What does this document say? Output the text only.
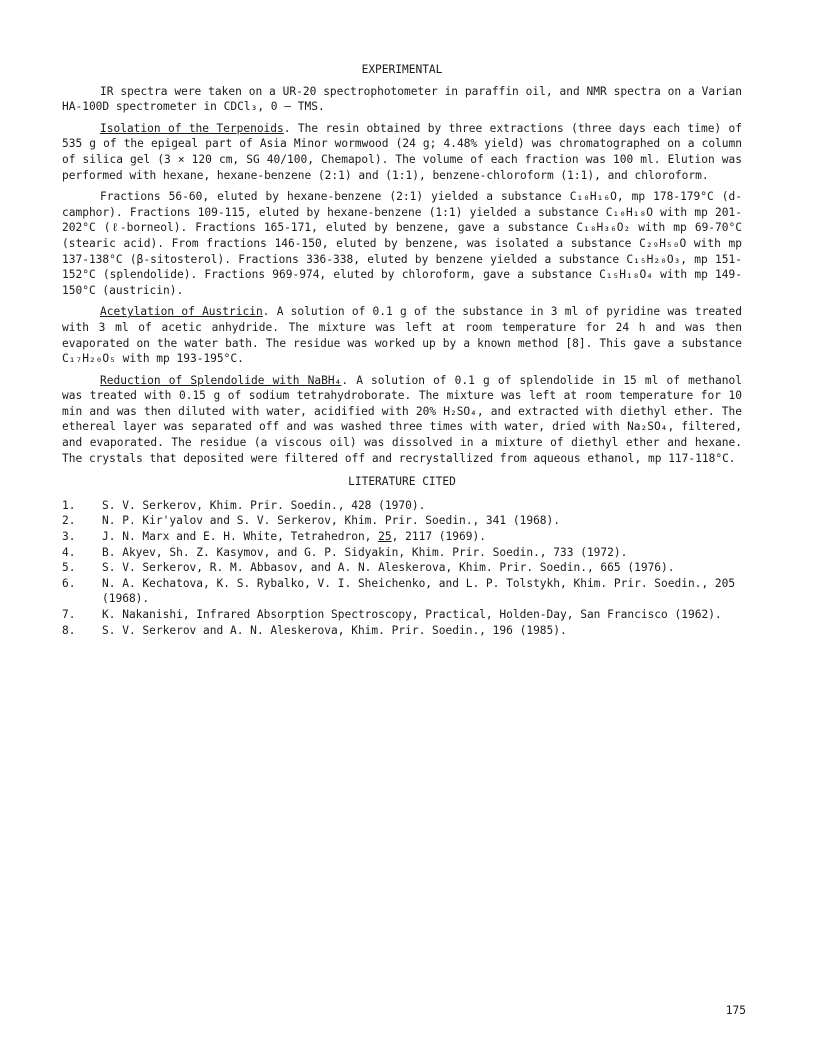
EXPERIMENTAL

IR spectra were taken on a UR-20 spectrophotometer in paraffin oil, and NMR spectra on a Varian HA-100D spectrometer in CDCl₃, 0 – TMS.

Isolation of the Terpenoids. The resin obtained by three extractions (three days each time) of 535 g of the epigeal part of Asia Minor wormwood (24 g; 4.48% yield) was chromatographed on a column of silica gel (3 × 120 cm, SG 40/100, Chemapol). The volume of each fraction was 100 ml. Elution was performed with hexane, hexane-benzene (2:1) and (1:1), benzene-chloroform (1:1), and chloroform.

Fractions 56-60, eluted by hexane-benzene (2:1) yielded a substance C₁₀H₁₆O, mp 178-179°C (d-camphor). Fractions 109-115, eluted by hexane-benzene (1:1) yielded a substance C₁₀H₁₈O with mp 201-202°C (ℓ-borneol). Fractions 165-171, eluted by benzene, gave a substance C₁₈H₃₆O₂ with mp 69-70°C (stearic acid). From fractions 146-150, eluted by benzene, was isolated a substance C₂₉H₅₀O with mp 137-138°C (β-sitosterol). Fractions 336-338, eluted by benzene yielded a substance C₁₅H₂₀O₃, mp 151-152°C (splendolide). Fractions 969-974, eluted by chloroform, gave a substance C₁₅H₁₈O₄ with mp 149-150°C (austricin).

Acetylation of Austricin. A solution of 0.1 g of the substance in 3 ml of pyridine was treated with 3 ml of acetic anhydride. The mixture was left at room temperature for 24 h and was then evaporated on the water bath. The residue was worked up by a known method [8]. This gave a substance C₁₇H₂₀O₅ with mp 193-195°C.

Reduction of Splendolide with NaBH₄. A solution of 0.1 g of splendolide in 15 ml of methanol was treated with 0.15 g of sodium tetrahydroborate. The mixture was left at room temperature for 10 min and was then diluted with water, acidified with 20% H₂SO₄, and extracted with diethyl ether. The ethereal layer was separated off and was washed three times with water, dried with Na₂SO₄, filtered, and evaporated. The residue (a viscous oil) was dissolved in a mixture of diethyl ether and hexane. The crystals that deposited were filtered off and recrystallized from aqueous ethanol, mp 117-118°C.

LITERATURE CITED
1.	S. V. Serkerov, Khim. Prir. Soedin., 428 (1970).
2.	N. P. Kir'yalov and S. V. Serkerov, Khim. Prir. Soedin., 341 (1968).
3.	J. N. Marx and E. H. White, Tetrahedron, 25, 2117 (1969).
4.	B. Akyev, Sh. Z. Kasymov, and G. P. Sidyakin, Khim. Prir. Soedin., 733 (1972).
5.	S. V. Serkerov, R. M. Abbasov, and A. N. Aleskerova, Khim. Prir. Soedin., 665 (1976).
6.	N. A. Kechatova, K. S. Rybalko, V. I. Sheichenko, and L. P. Tolstykh, Khim. Prir. Soedin., 205 (1968).
7.	K. Nakanishi, Infrared Absorption Spectroscopy, Practical, Holden-Day, San Francisco (1962).
8.	S. V. Serkerov and A. N. Aleskerova, Khim. Prir. Soedin., 196 (1985).
175
